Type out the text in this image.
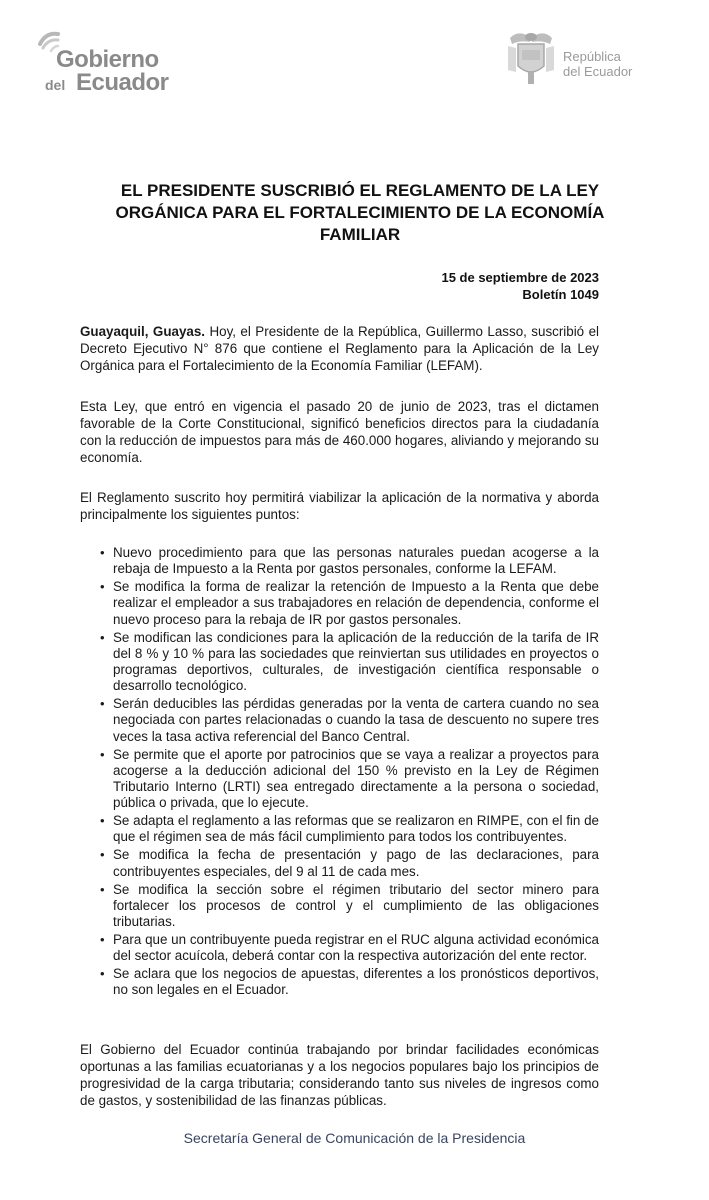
Gobierno
del Ecuador
República
del Ecuador
EL PRESIDENTE SUSCRIBIÓ EL REGLAMENTO DE LA LEY ORGÁNICA PARA EL FORTALECIMIENTO DE LA ECONOMÍA FAMILIAR
15 de septiembre de 2023
Boletín 1049

Guayaquil, Guayas. Hoy, el Presidente de la República, Guillermo Lasso, suscribió el Decreto Ejecutivo N° 876 que contiene el Reglamento para la Aplicación de la Ley Orgánica para el Fortalecimiento de la Economía Familiar (LEFAM).

Esta Ley, que entró en vigencia el pasado 20 de junio de 2023, tras el dictamen favorable de la Corte Constitucional, significó beneficios directos para la ciudadanía con la reducción de impuestos para más de 460.000 hogares, aliviando y mejorando su economía.

El Reglamento suscrito hoy permitirá viabilizar la aplicación de la normativa y aborda principalmente los siguientes puntos:

• Nuevo procedimiento para que las personas naturales puedan acogerse a la rebaja de Impuesto a la Renta por gastos personales, conforme la LEFAM.
• Se modifica la forma de realizar la retención de Impuesto a la Renta que debe realizar el empleador a sus trabajadores en relación de dependencia, conforme el nuevo proceso para la rebaja de IR por gastos personales.
• Se modifican las condiciones para la aplicación de la reducción de la tarifa de IR del 8 % y 10 % para las sociedades que reinviertan sus utilidades en proyectos o programas deportivos, culturales, de investigación científica responsable o desarrollo tecnológico.
• Serán deducibles las pérdidas generadas por la venta de cartera cuando no sea negociada con partes relacionadas o cuando la tasa de descuento no supere tres veces la tasa activa referencial del Banco Central.
• Se permite que el aporte por patrocinios que se vaya a realizar a proyectos para acogerse a la deducción adicional del 150 % previsto en la Ley de Régimen Tributario Interno (LRTI) sea entregado directamente a la persona o sociedad, pública o privada, que lo ejecute.
• Se adapta el reglamento a las reformas que se realizaron en RIMPE, con el fin de que el régimen sea de más fácil cumplimiento para todos los contribuyentes.
• Se modifica la fecha de presentación y pago de las declaraciones, para contribuyentes especiales, del 9 al 11 de cada mes.
• Se modifica la sección sobre el régimen tributario del sector minero para fortalecer los procesos de control y el cumplimiento de las obligaciones tributarias.
• Para que un contribuyente pueda registrar en el RUC alguna actividad económica del sector acuícola, deberá contar con la respectiva autorización del ente rector.
• Se aclara que los negocios de apuestas, diferentes a los pronósticos deportivos, no son legales en el Ecuador.

El Gobierno del Ecuador continúa trabajando por brindar facilidades económicas oportunas a las familias ecuatorianas y a los negocios populares bajo los principios de progresividad de la carga tributaria; considerando tanto sus niveles de ingresos como de gastos, y sostenibilidad de las finanzas públicas.

Secretaría General de Comunicación de la Presidencia
